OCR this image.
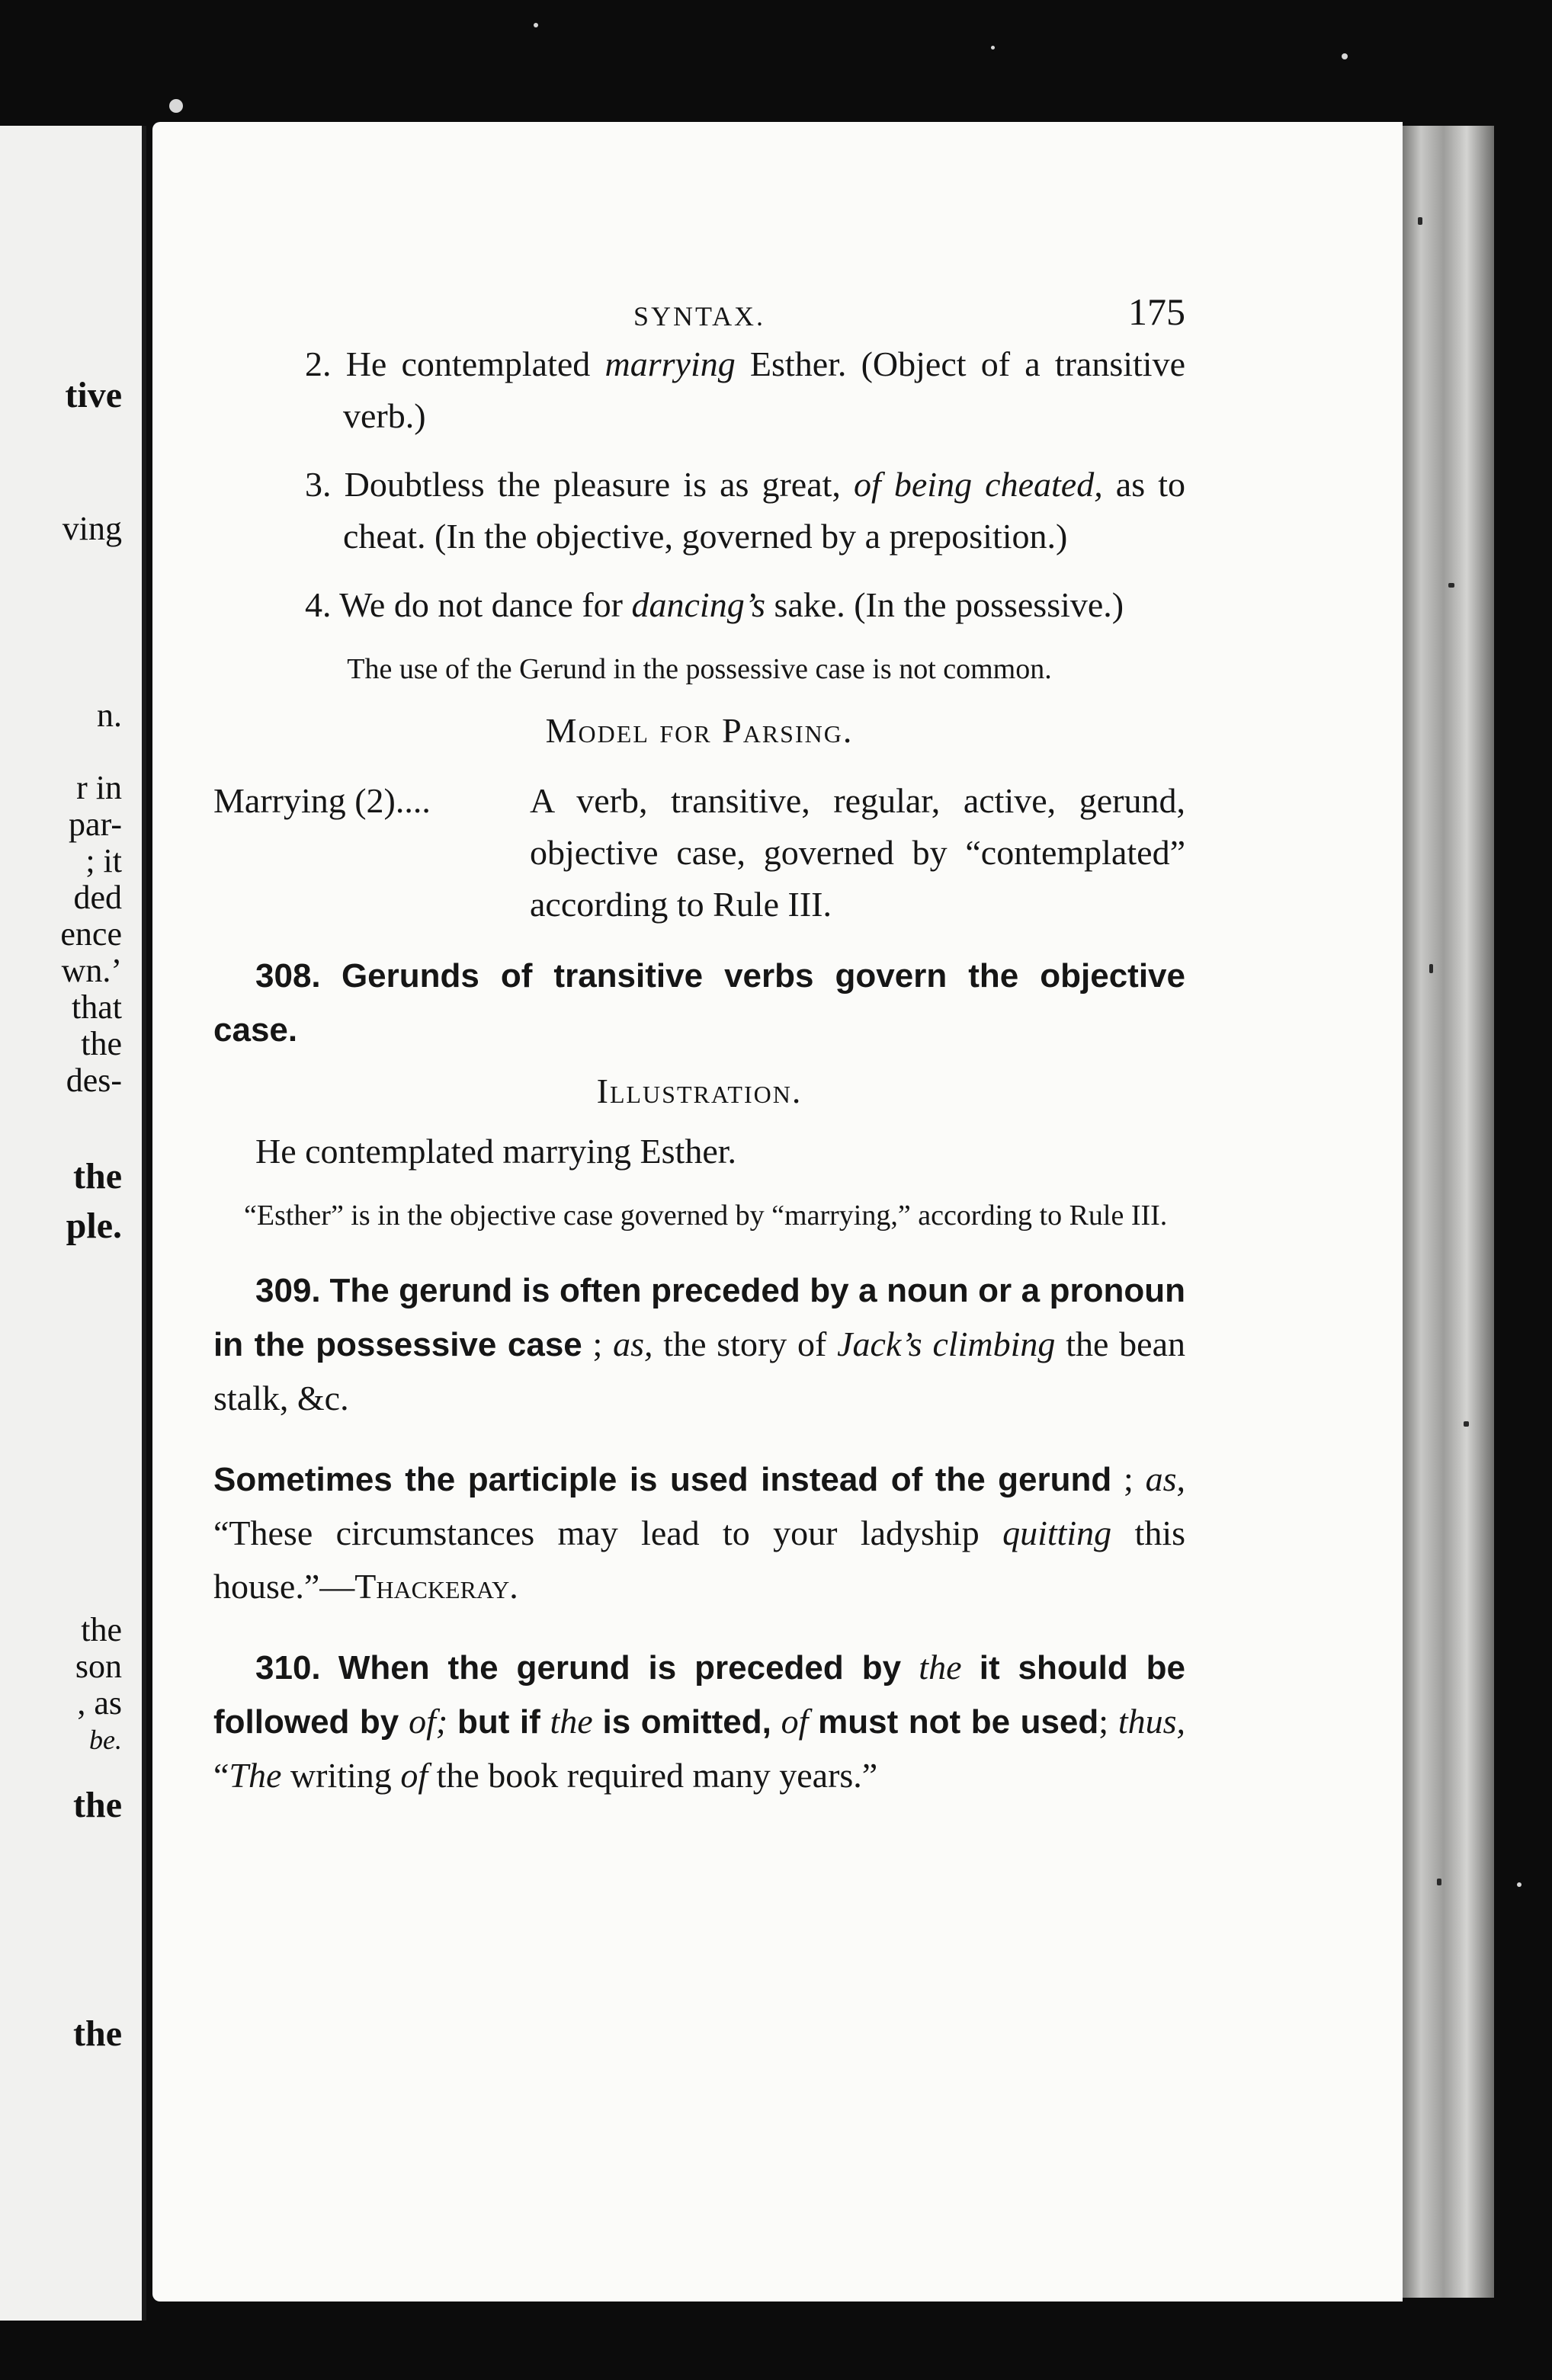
tive
ving
n.
r in
par-
; it
ded
ence
wn.’
that
the
des-
the
ple.
the
son
, as
be.
the
the
SYNTAX.	175

2. He contemplated marrying Esther. (Object of a transitive verb.)

3. Doubtless the pleasure is as great, of being cheated, as to cheat. (In the objective, governed by a preposition.)

4. We do not dance for dancing’s sake. (In the possessive.)

The use of the Gerund in the possessive case is not common.
Model for Parsing.
Marrying (2)....	A verb, transitive, regular, active, gerund, objective case, governed by “contemplated” according to Rule III.

308. Gerunds of transitive verbs govern the objective case.

Illustration.

He contemplated marrying Esther.

“Esther” is in the objective case governed by “marrying,” according to Rule III.

309. The gerund is often preceded by a noun or a pronoun in the possessive case ; as, the story of Jack’s climbing the bean stalk, &c.

Sometimes the participle is used instead of the gerund ; as, “These circumstances may lead to your ladyship quitting this house.”—Thackeray.

310. When the gerund is preceded by the it should be followed by of; but if the is omitted, of must not be used; thus, “The writing of the book required many years.”
